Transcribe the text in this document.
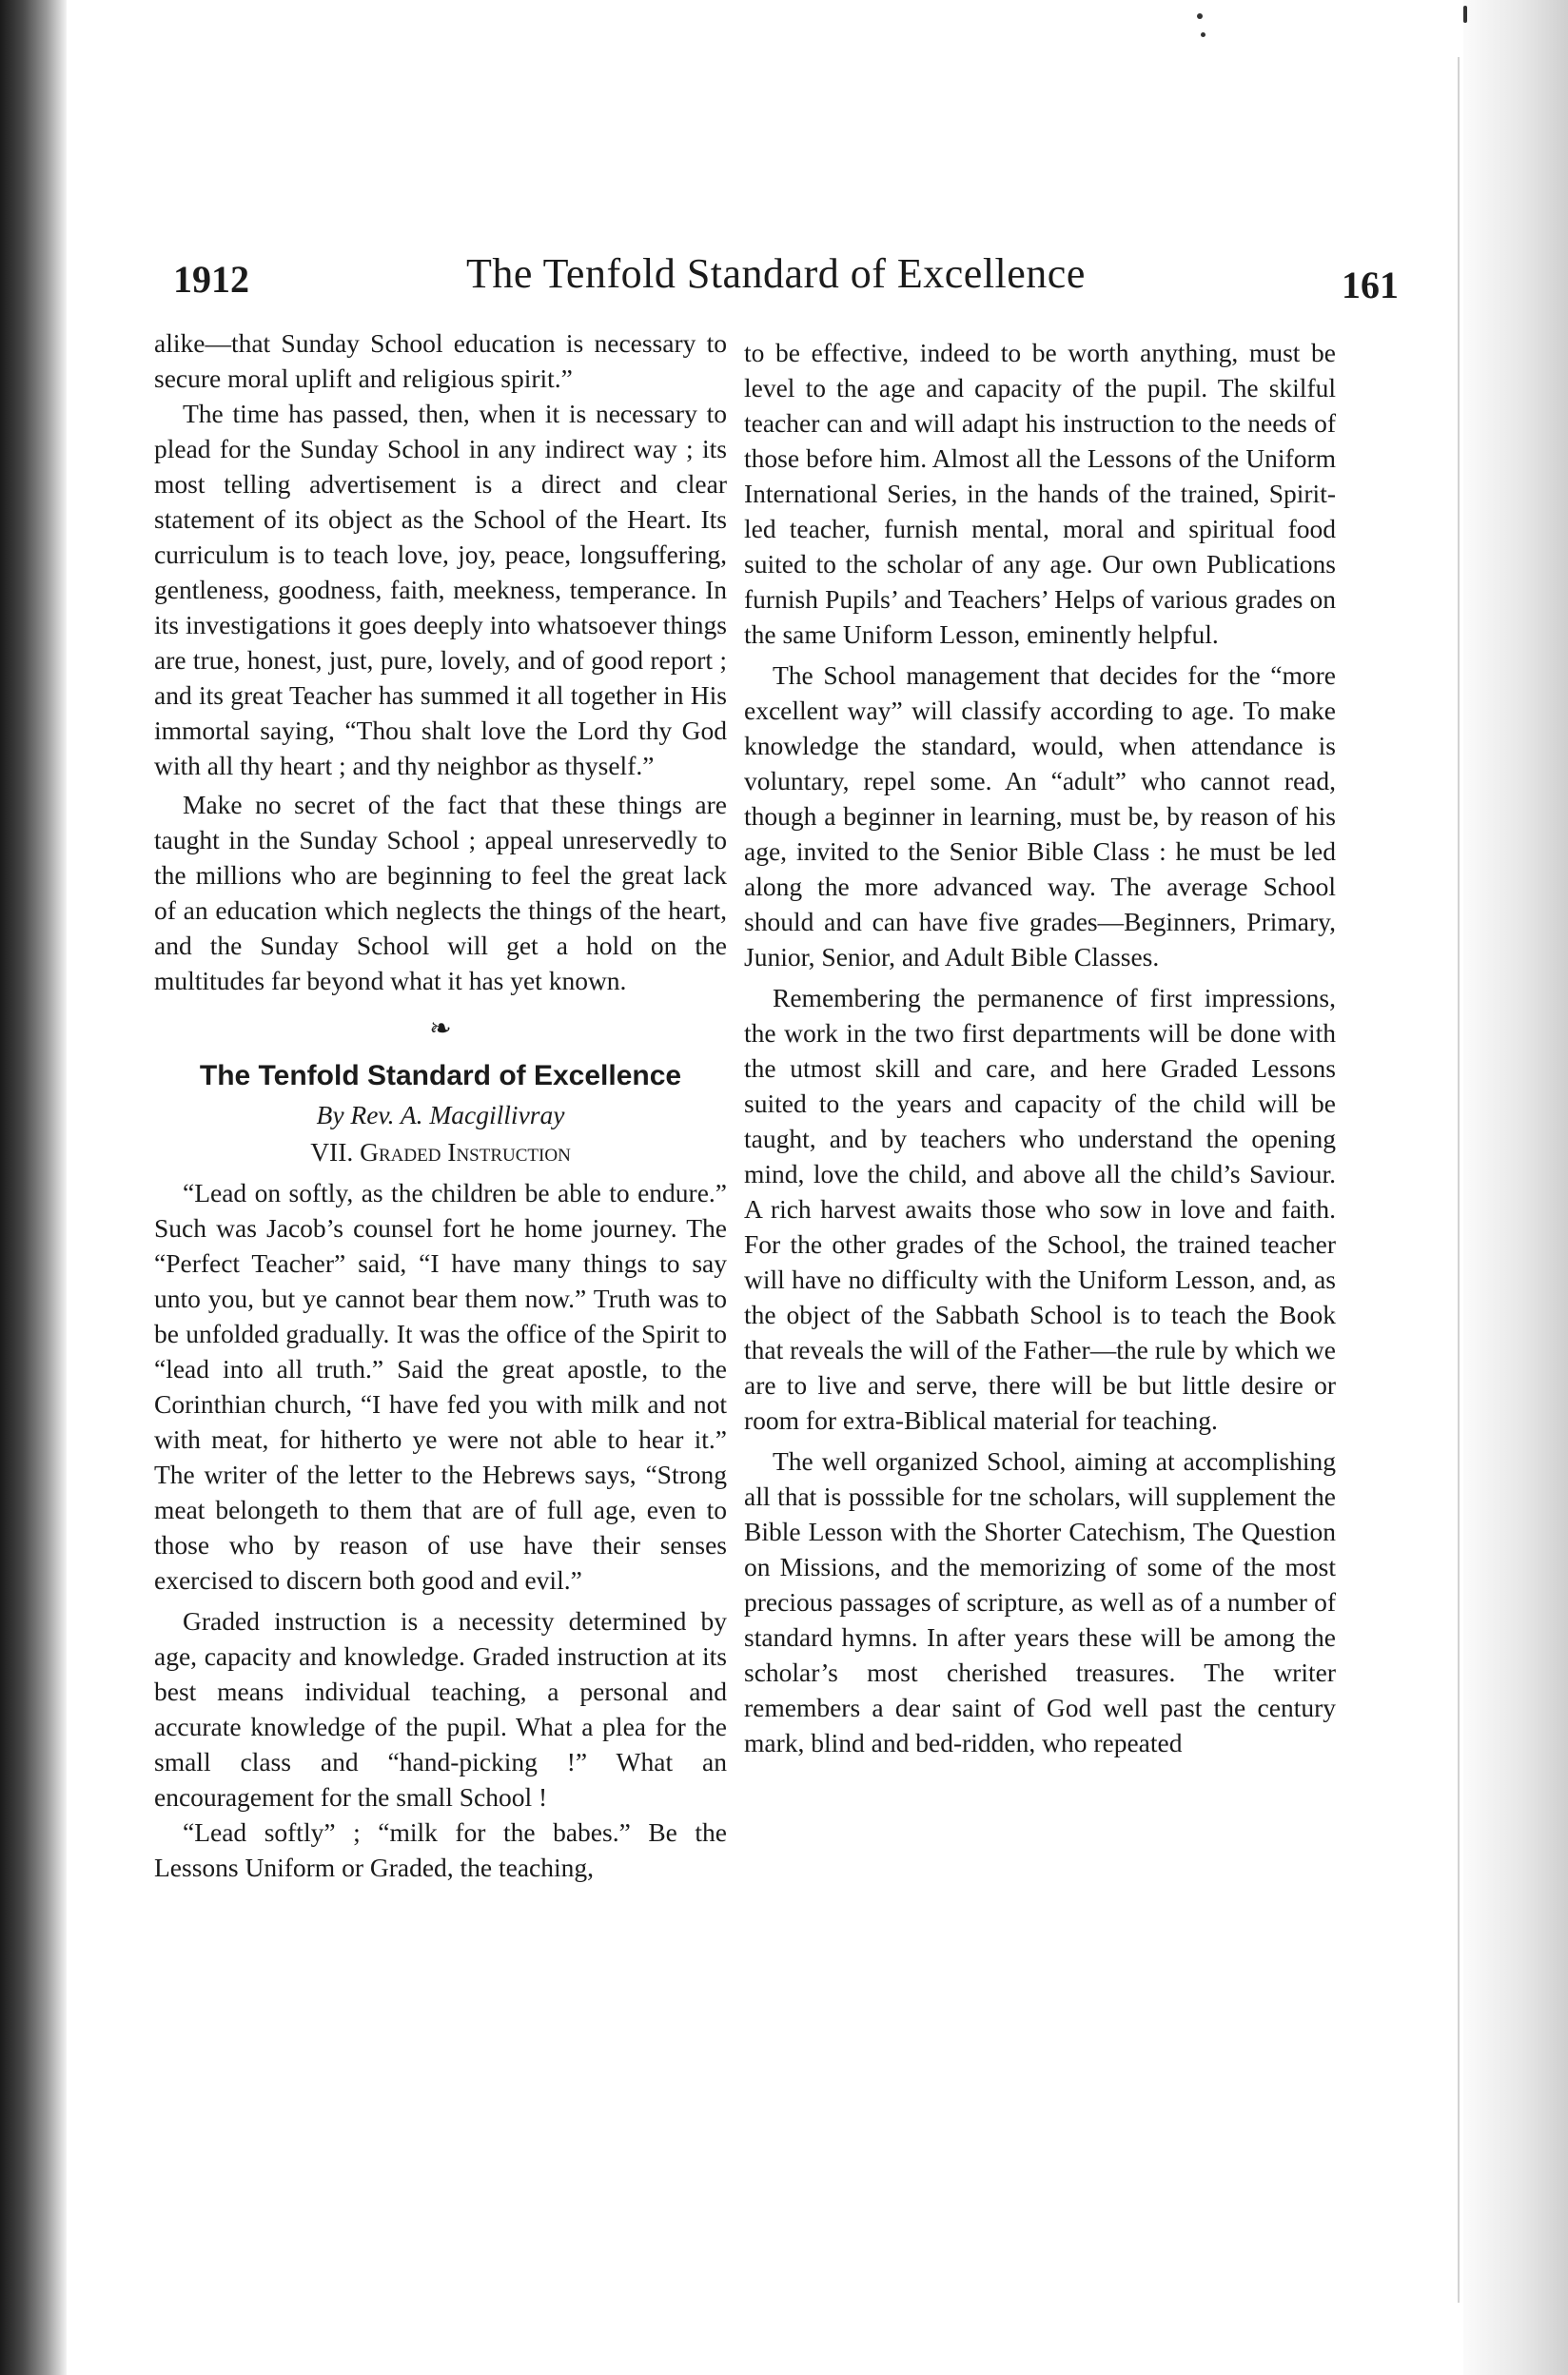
1912	The Tenfold Standard of Excellence	161

alike—that Sunday School education is necessary to secure moral uplift and religious spirit.”

The time has passed, then, when it is necessary to plead for the Sunday School in any indirect way ; its most telling advertisement is a direct and clear statement of its object as the School of the Heart. Its curriculum is to teach love, joy, peace, longsuffering, gentleness, goodness, faith, meekness, temperance. In its investigations it goes deeply into whatsoever things are true, honest, just, pure, lovely, and of good report ; and its great Teacher has summed it all together in His immortal saying, “Thou shalt love the Lord thy God with all thy heart ; and thy neighbor as thyself.”

Make no secret of the fact that these things are taught in the Sunday School ; appeal unreservedly to the millions who are beginning to feel the great lack of an education which neglects the things of the heart, and the Sunday School will get a hold on the multitudes far beyond what it has yet known.

❧
The Tenfold Standard of Excellence
By Rev. A. Macgillivray
VII. Graded Instruction

“Lead on softly, as the children be able to endure.” Such was Jacob’s counsel fort he home journey. The “Perfect Teacher” said, “I have many things to say unto you, but ye cannot bear them now.” Truth was to be unfolded gradually. It was the office of the Spirit to “lead into all truth.” Said the great apostle, to the Corinthian church, “I have fed you with milk and not with meat, for hitherto ye were not able to hear it.” The writer of the letter to the Hebrews says, “Strong meat belongeth to them that are of full age, even to those who by reason of use have their senses exercised to discern both good and evil.”

Graded instruction is a necessity determined by age, capacity and knowledge. Graded instruction at its best means individual teaching, a personal and accurate knowledge of the pupil. What a plea for the small class and “hand-picking !” What an encouragement for the small School !

“Lead softly” ; “milk for the babes.” Be the Lessons Uniform or Graded, the teaching,

to be effective, indeed to be worth anything, must be level to the age and capacity of the pupil. The skilful teacher can and will adapt his instruction to the needs of those before him. Almost all the Lessons of the Uniform International Series, in the hands of the trained, Spirit-led teacher, furnish mental, moral and spiritual food suited to the scholar of any age. Our own Publications furnish Pupils’ and Teachers’ Helps of various grades on the same Uniform Lesson, eminently helpful.

The School management that decides for the “more excellent way” will classify according to age. To make knowledge the standard, would, when attendance is voluntary, repel some. An “adult” who cannot read, though a beginner in learning, must be, by reason of his age, invited to the Senior Bible Class : he must be led along the more advanced way. The average School should and can have five grades—Beginners, Primary, Junior, Senior, and Adult Bible Classes.

Remembering the permanence of first impressions, the work in the two first departments will be done with the utmost skill and care, and here Graded Lessons suited to the years and capacity of the child will be taught, and by teachers who understand the opening mind, love the child, and above all the child’s Saviour. A rich harvest awaits those who sow in love and faith. For the other grades of the School, the trained teacher will have no difficulty with the Uniform Lesson, and, as the object of the Sabbath School is to teach the Book that reveals the will of the Father—the rule by which we are to live and serve, there will be but little desire or room for extra-Biblical material for teaching.

The well organized School, aiming at accomplishing all that is posssible for tne scholars, will supplement the Bible Lesson with the Shorter Catechism, The Question on Missions, and the memorizing of some of the most precious passages of scripture, as well as of a number of standard hymns. In after years these will be among the scholar’s most cherished treasures. The writer remembers a dear saint of God well past the century mark, blind and bed-ridden, who repeated
